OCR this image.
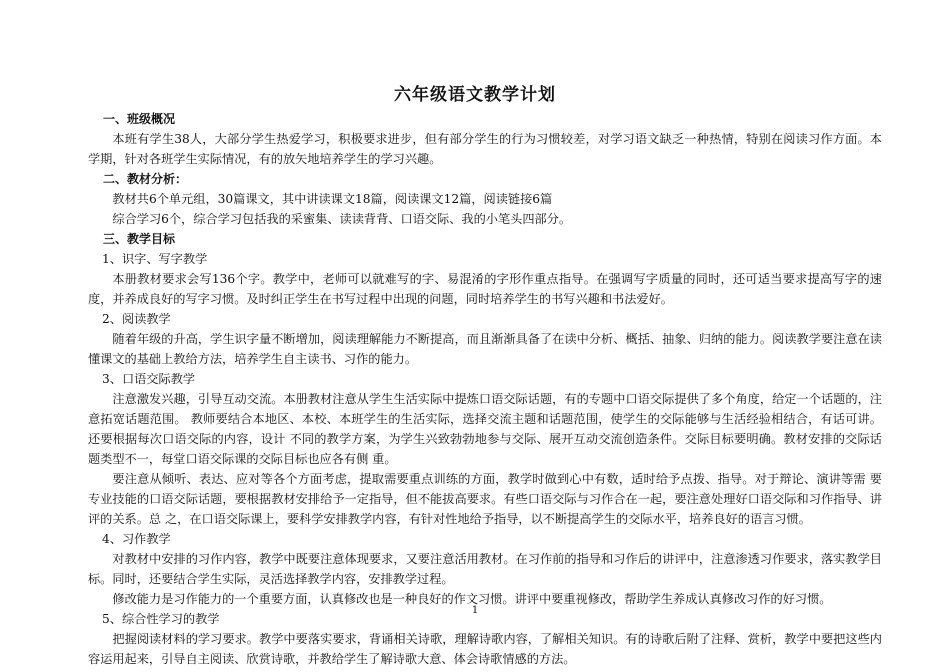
六年级语文教学计划

一、班级概况

本班有学生38人，大部分学生热爱学习，积极要求进步，但有部分学生的行为习惯较差，对学习语文缺乏一种热情，特别在阅读习作方面。本学期，针对各班学生实际情况，有的放矢地培养学生的学习兴趣。

二、教材分析：

教材共6个单元组，30篇课文，其中讲读课文18篇，阅读课文12篇，阅读链接6篇

综合学习6个，综合学习包括我的采蜜集、读读背背、口语交际、我的小笔头四部分。

三、教学目标

1、识字、写字教学

本册教材要求会写136个字。教学中，老师可以就难写的字、易混淆的字形作重点指导。在强调写字质量的同时，还可适当要求提高写字的速度，并养成良好的写字习惯。及时纠正学生在书写过程中出现的问题，同时培养学生的书写兴趣和书法爱好。

2、阅读教学

随着年级的升高，学生识字量不断增加，阅读理解能力不断提高，而且渐渐具备了在读中分析、概括、抽象、归纳的能力。阅读教学要注意在读懂课文的基础上教给方法，培养学生自主读书、习作的能力。

3、口语交际教学

注意激发兴趣，引导互动交流。本册教材注意从学生生活实际中提炼口语交际话题，有的专题中口语交际提供了多个角度，给定一个话题的，注意拓宽话题范围。 教师要结合本地区、本校、本班学生的生活实际，选择交流主题和话题范围，使学生的交际能够与生活经验相结合，有话可讲。还要根据每次口语交际的内容，设计 不同的教学方案，为学生兴致勃勃地参与交际、展开互动交流创造条件。交际目标要明确。教材安排的交际话题类型不一，每堂口语交际课的交际目标也应各有侧 重。

要注意从倾听、表达、应对等各个方面考虑，提取需要重点训练的方面，教学时做到心中有数，适时给予点拨、指导。对于辩论、演讲等需 要专业技能的口语交际话题，要根据教材安排给予一定指导，但不能拔高要求。有些口语交际与习作合在一起，要注意处理好口语交际和习作指导、讲评的关系。总 之，在口语交际课上，要科学安排教学内容，有针对性地给予指导，以不断提高学生的交际水平，培养良好的语言习惯。

4、习作教学

对教材中安排的习作内容，教学中既要注意体现要求，又要注意活用教材。在习作前的指导和习作后的讲评中，注意渗透习作要求，落实教学目标。同时，还要结合学生实际，灵活选择教学内容，安排教学过程。

修改能力是习作能力的一个重要方面，认真修改也是一种良好的作文习惯。讲评中要重视修改，帮助学生养成认真修改习作的好习惯。

5、综合性学习的教学

把握阅读材料的学习要求。教学中要落实要求，背诵相关诗歌，理解诗歌内容，了解相关知识。有的诗歌后附了注释、赏析，教学中要把这些内容运用起来，引导自主阅读、欣赏诗歌，并教给学生了解诗歌大意、体会诗歌情感的方法。

1
